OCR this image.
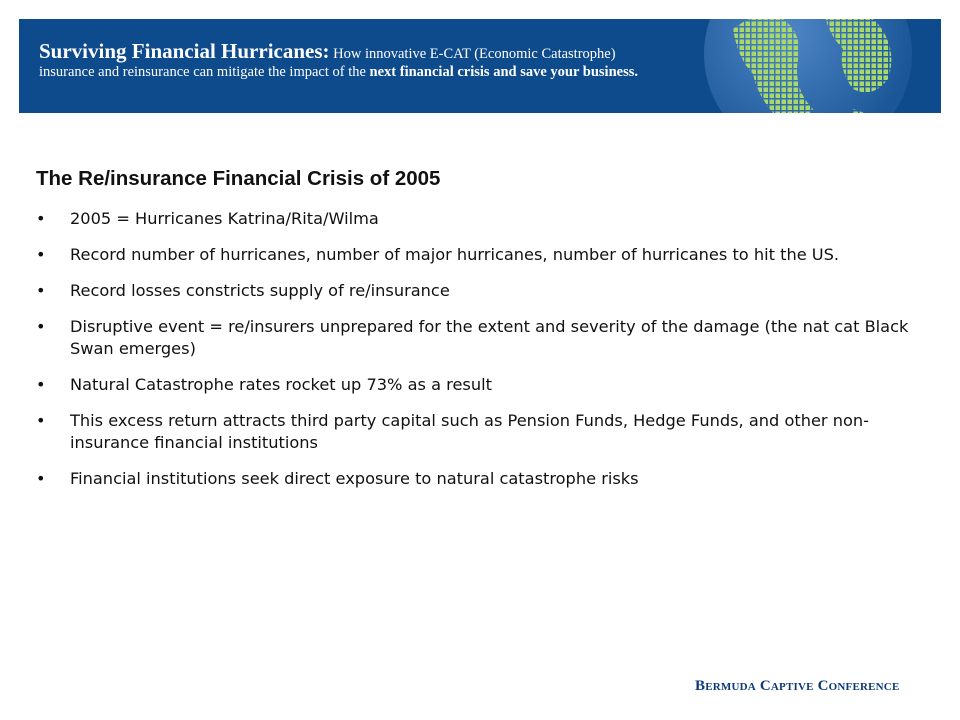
Surviving Financial Hurricanes: How innovative E-CAT (Economic Catastrophe)
insurance and reinsurance can mitigate the impact of the next financial crisis and save your business.
The Re/insurance Financial Crisis of 2005
• 2005 = Hurricanes Katrina/Rita/Wilma
• Record number of hurricanes, number of major hurricanes, number of hurricanes to hit the US.
• Record losses constricts supply of re/insurance
• Disruptive event = re/insurers unprepared for the extent and severity of the damage (the nat cat Black Swan emerges)
• Natural Catastrophe rates rocket up 73% as a result
• This excess return attracts third party capital such as Pension Funds, Hedge Funds, and other non-insurance financial institutions
• Financial institutions seek direct exposure to natural catastrophe risks
Bermuda Captive Conference
